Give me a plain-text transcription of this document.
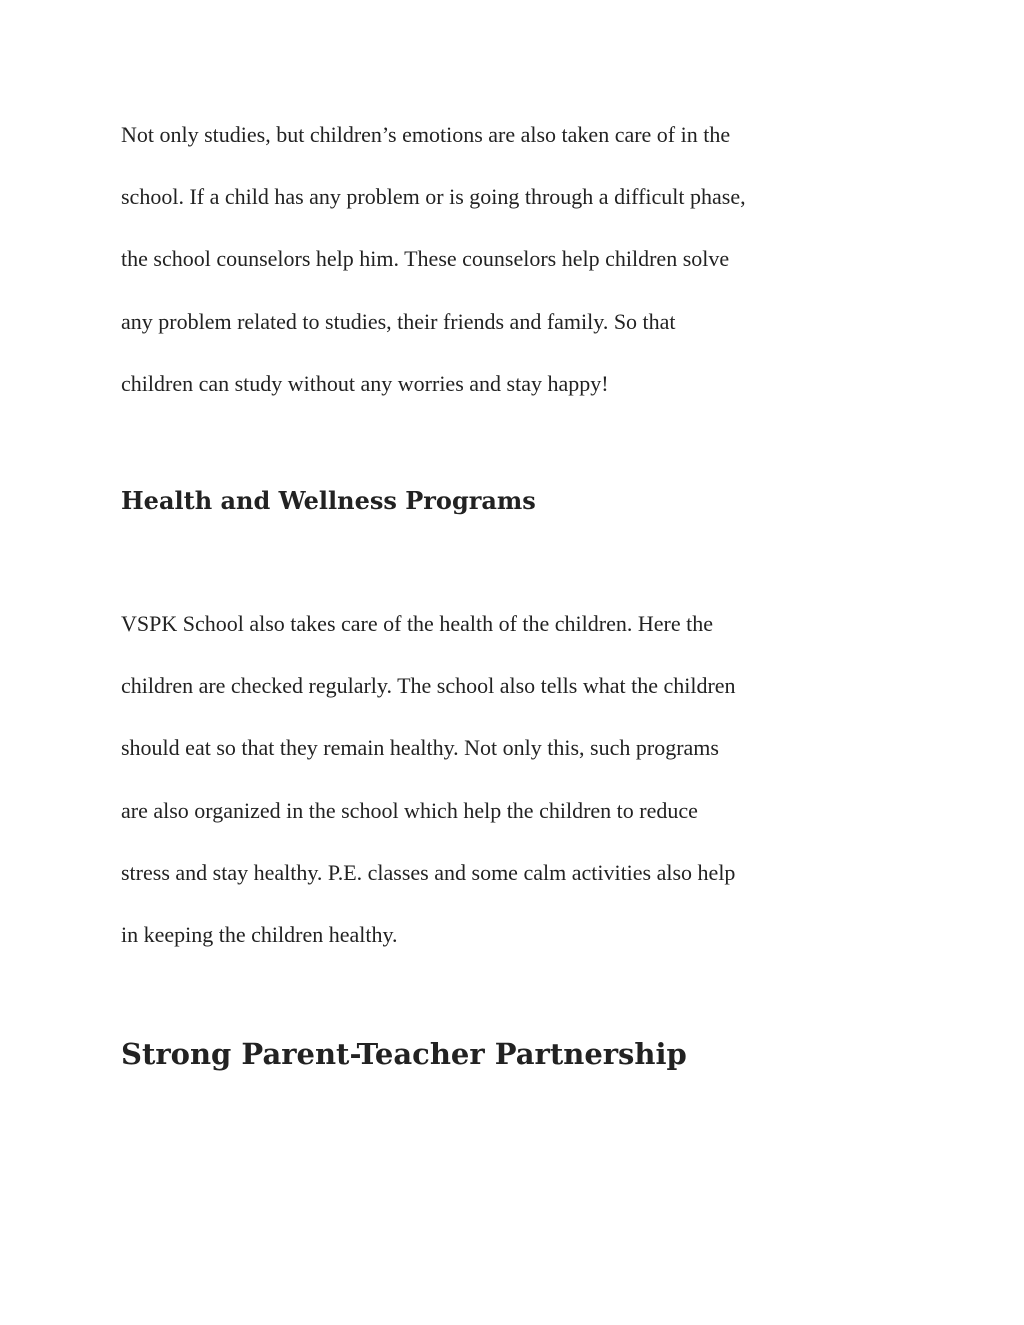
Not only studies, but children’s emotions are also taken care of in the
school. If a child has any problem or is going through a difficult phase,
the school counselors help him. These counselors help children solve
any problem related to studies, their friends and family. So that
children can study without any worries and stay happy!
Health and Wellness Programs
VSPK School also takes care of the health of the children. Here the
children are checked regularly. The school also tells what the children
should eat so that they remain healthy. Not only this, such programs
are also organized in the school which help the children to reduce
stress and stay healthy. P.E. classes and some calm activities also help
in keeping the children healthy.
Strong Parent-Teacher Partnership
